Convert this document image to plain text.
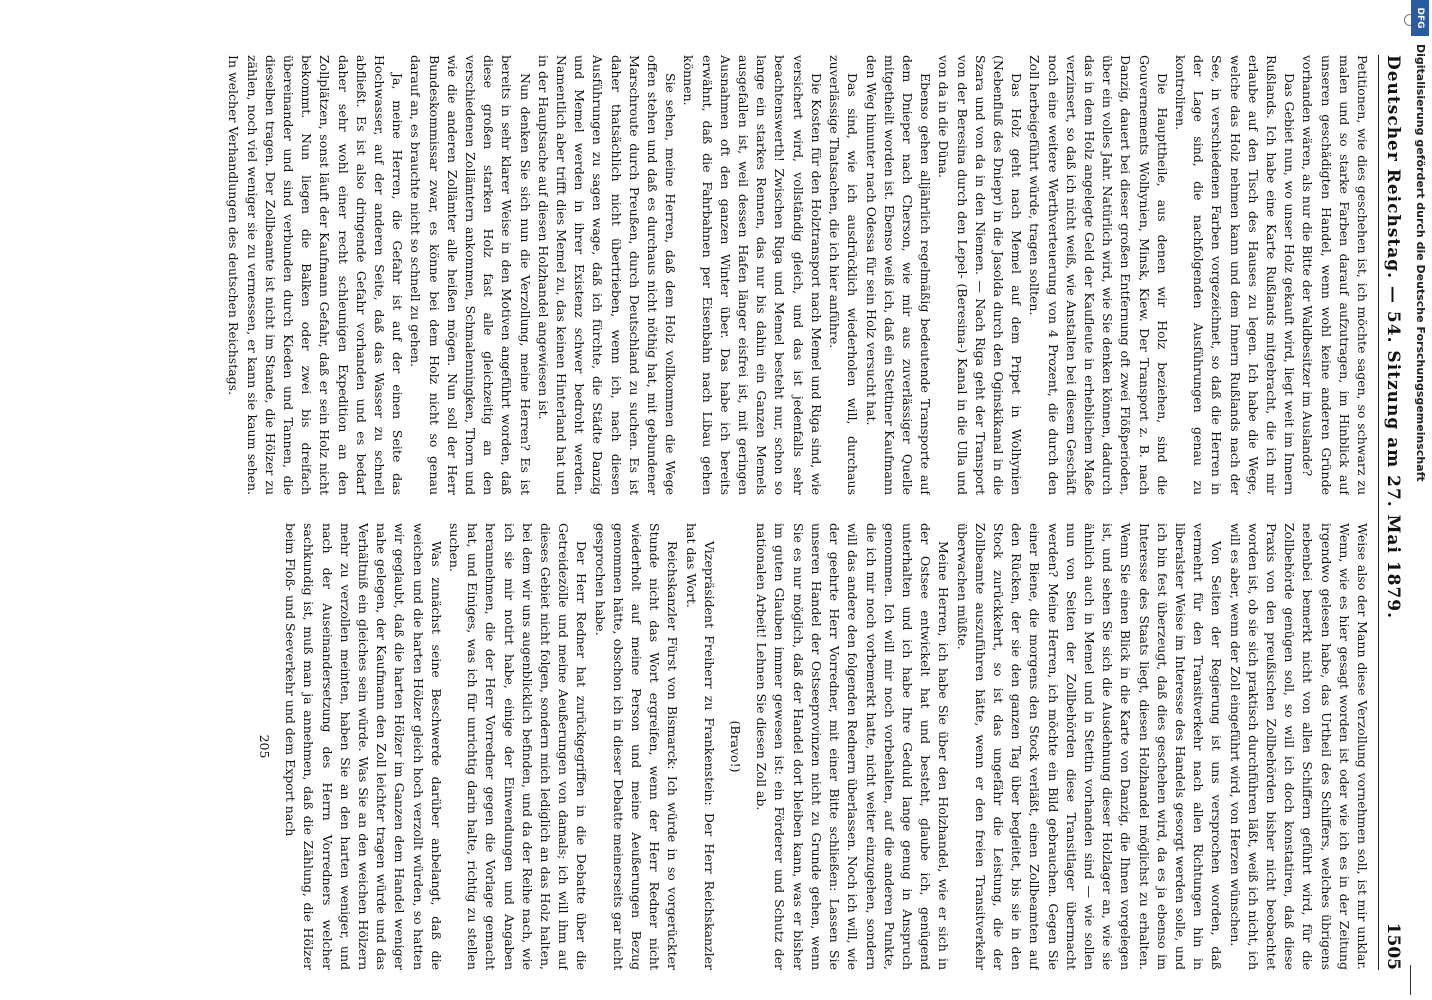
Deutscher Reichstag. — 54. Sitzung am 27. Mai 1879.
1505

Petitionen, wie dies geschehen ist, ich möchte sagen, so schwarz zu malen und so starke Farben darauf aufzutragen, im Hinblick auf unseren geschädigten Handel, wenn wohl keine anderen Gründe vorhanden wären, als nur die Bitte der Waldbesitzer im Auslande?

Das Gebiet nun, wo unser Holz gekauft wird, liegt weit im Innern Rußlands. Ich habe eine Karte Rußlands mitgebracht, die ich mir erlaube auf den Tisch des Hauses zu legen. Ich habe die Wege, welche das Holz nehmen kann und dem Innern Rußlands nach der See, in verschiedenen Farben vorgezeichnet, so daß die Herren in der Lage sind, die nachfolgenden Ausführungen genau zu kontroliren.

Die Haupttheile, aus denen wir Holz beziehen, sind die Gouvernements Wolhynien, Minsk, Kiew. Der Transport z. B. nach Danzig, dauert bei dieser großen Entfernung oft zwei Flößperioden, über ein volles Jahr. Natürlich wird, wie Sie denken können, dadurch das in dem Holz angelegte Geld der Kaufleute in erheblichem Maße verzinsert, so daß ich nicht weiß, wie Anstalten bei diesem Geschäft noch eine weitere Werthverteuerung von 4 Prozent, die durch den Zoll herbeigeführt würde, tragen sollten.

Das Holz geht nach Memel auf dem Pripet in Wolhynien (Nebenfluß des Dniepr) in die Jasolda durch den Oginskikanal in die Szara und von da in den Niemen. — Nach Riga geht der Transport von der Beresina durch den Lepel- (Beresina-) Kanal in die Ulla und von da in die Düna.

Ebenso gehen alljährlich regelmäßig bedeutende Transporte auf dem Dnieper nach Cherson, wie mir aus zuverlässiger Quelle mitgetheilt worden ist. Ebenso weiß ich, daß ein Stettiner Kaufmann den Weg hinunter nach Odessa für sein Holz versucht hat.

Das sind, wie ich ausdrücklich wiederholen will, durchaus zuverlässige Thatsachen, die ich hier anführe.

Die Kosten für den Holztransport nach Memel und Riga sind, wie versichert wird, vollständig gleich, und das ist jedenfalls sehr beachtenswerth! Zwischen Riga und Memel besteht nur, schon so lange ein starkes Rennen, das nur bis dahin ein Ganzen Memels ausgefallen ist, weil dessen Hafen länger eisfrei ist, mit geringen Ausnahmen oft den ganzen Winter über. Das habe ich bereits erwähnt, daß die Fahrbahnen per Eisenbahn nach Libau gehen können.

Sie sehen, meine Herren, daß dem Holz vollkommen die Wege offen stehen und daß es durchaus nicht nöthig hat, mit gebundener Marschroute durch Preußen, durch Deutschland zu suchen. Es ist daher thatsächlich nicht übertrieben, wenn ich, nach diesen Ausführungen zu sagen wage, daß ich fürchte, die Städte Danzig und Memel werden in ihrer Existenz schwer bedroht werden. Namentlich aber trifft dies Memel zu, das keinen Hinterland hat und in der Hauptsache auf diesen Holzhandel angewiesen ist.

Nun denken Sie sich nun die Verzollung, meine Herren? Es ist bereits in sehr klarer Weise in den Motiven angeführt worden, daß diese großen starken Holz fast alle gleichzeitig an den verschiedenen Zollämtern ankommen, Schmalenningken, Thorn und wie die anderen Zollämter alle heißen mögen. Nun soll der Herr Bundeskommissar zwar, es könne bei dem Holz nicht so genau darauf an, es brauchte nicht so schnell zu gehen.

Ja, meine Herren, die Gefahr ist auf der einen Seite das Hochwasser, auf der anderen Seite, daß das Wasser zu schnell abfließt. Es ist also dringende Gefahr vorhanden und es bedarf daher sehr wohl einer recht schleunigen Expedition an den Zollplätzen, sonst läuft der Kaufmann Gefahr, daß er sein Holz nicht bekommt. Nun liegen die Balken oder zwei bis dreifach übereinander und sind verbunden durch Kieden und Tannen, die dieselben tragen. Der Zollbeamte ist nicht im Stande, die Hölzer zu zählen, noch viel weniger sie zu vermessen, er kann sie kaum sehen. In welcher Verhandlungen des deutschen Reichstags.

Weise also der Mann diese Verzollung vornehmen soll, ist mir unklar. Wenn, wie es hier gesagt worden ist oder wie ich es in der Zeitung irgendwo gelesen habe, das Urtheil des Schiffers, welches übrigens nebenbei bemerkt nicht von allen Schiffern geführt wird, für die Zollbehörde genügen soll, so will ich doch konstatiren, daß diese Praxis von den preußischen Zollbehörden bisher nicht beobachtet worden ist, ob sie sich praktisch durchführen läßt, weiß ich nicht, ich will es aber, wenn der Zoll eingeführt wird, von Herzen wünschen.

Von Seiten der Regierung ist uns versprochen worden, daß vermehrt für den Transitverkehr nach allen Richtungen hin in liberalster Weise im Interesse des Handels gesorgt werden solle, und ich bin fest überzeugt, daß dies geschehen wird, da es ja ebenso im Interesse des Staats liegt, diesen Holzhandel möglichst zu erhalten. Wenn Sie einen Blick in die Karte von Danzig, die Ihnen vorgelegen ist, und sehen Sie sich die Ausdehnung dieser Holzlager an, wie sie ähnlich auch in Memel und in Stettin vorhanden sind — wie sollen nun von Seiten der Zollbehörden diese Transitlager übermacht werden? Meine Herren, ich möchte ein Bild gebrauchen. Gegen Sie einer Biene, die morgens den Stock verläßt, einen Zollbeamten auf den Rücken, der sie den ganzen Tag über begleitet, bis sie in den Stock zurückkehrt, so ist das ungefähr die Leistung, die der Zollbeamte auszuführen hätte, wenn er den freien Transitverkehr überwachen müßte.

Meine Herren, ich habe Sie über den Holzhandel, wie er sich in der Ostsee entwickelt hat und besteht, glaube ich, genügend unterhalten und ich habe Ihre Geduld lange genug in Anspruch genommen. Ich will mir noch vorbehalten, auf die anderen Punkte, die ich mir noch vorbemerkt hatte, nicht weiter einzugehen, sondern will das andere den folgenden Rednern überlassen. Noch ich will, wie der geehrte Herr Vorredner, mit einer Bitte schließen: Lassen Sie unseren Handel der Ostseeprovinzen nicht zu Grunde gehen, wenn Sie es nur möglich, daß der Handel dort bleiben kann, was er bisher im guten Glauben immer gewesen ist: ein Förderer und Schutz der nationalen Arbeit! Lehnen Sie diesen Zoll ab.

(Bravo!)

Vizepräsident Freiherr zu Frankenstein: Der Herr Reichskanzler hat das Wort.

Reichskanzler Fürst von Bismarck: Ich würde in so vorgerückter Stunde nicht das Wort ergreifen, wenn der Herr Redner nicht wiederholt auf meine Person und meine Aeußerungen Bezug genommen hätte, obschon ich in dieser Debatte meinerseits gar nicht gesprochen habe.

Der Herr Redner hat zurückgegriffen in die Debatte über die Getreidezölle und meine Aeußerungen von damals; ich will ihm auf dieses Gebiet nicht folgen, sondern mich lediglich an das Holz halten, bei dem wir uns augenblicklich befinden, und da der Reihe nach, wie ich sie mir notirt habe, einige der Einwendungen und Angaben herannehmen, die der Herr Vorredner gegen die Vorlage gemacht hat, und Einiges, was ich für unrichtig darin halte, richtig zu stellen suchen.

Was zunächst seine Beschwerde darüber anbelangt, daß die weichen und die harten Hölzer gleich hoch verzollt würden, so hatten wir geglaubt, daß die harten Hölzer im Ganzen dem Handel weniger nahe gelegen, der Kaufmann den Zoll leichter tragen würde und das Verhältniß ein gleiches sein würde. Was Sie an den weichen Hölzern mehr zu verzollen meinten, haben Sie an den harten weniger, und nach der Auseinandersetzung des Herrn Vorredners welcher sachkundig ist, muß man ja annehmen, daß die Zählung, die Hölzer beim Floß- und Seeverkehr und dem Export nach

205

DFG
Digitalisierung gefördert durch die Deutsche Forschungsgemeinschaft
